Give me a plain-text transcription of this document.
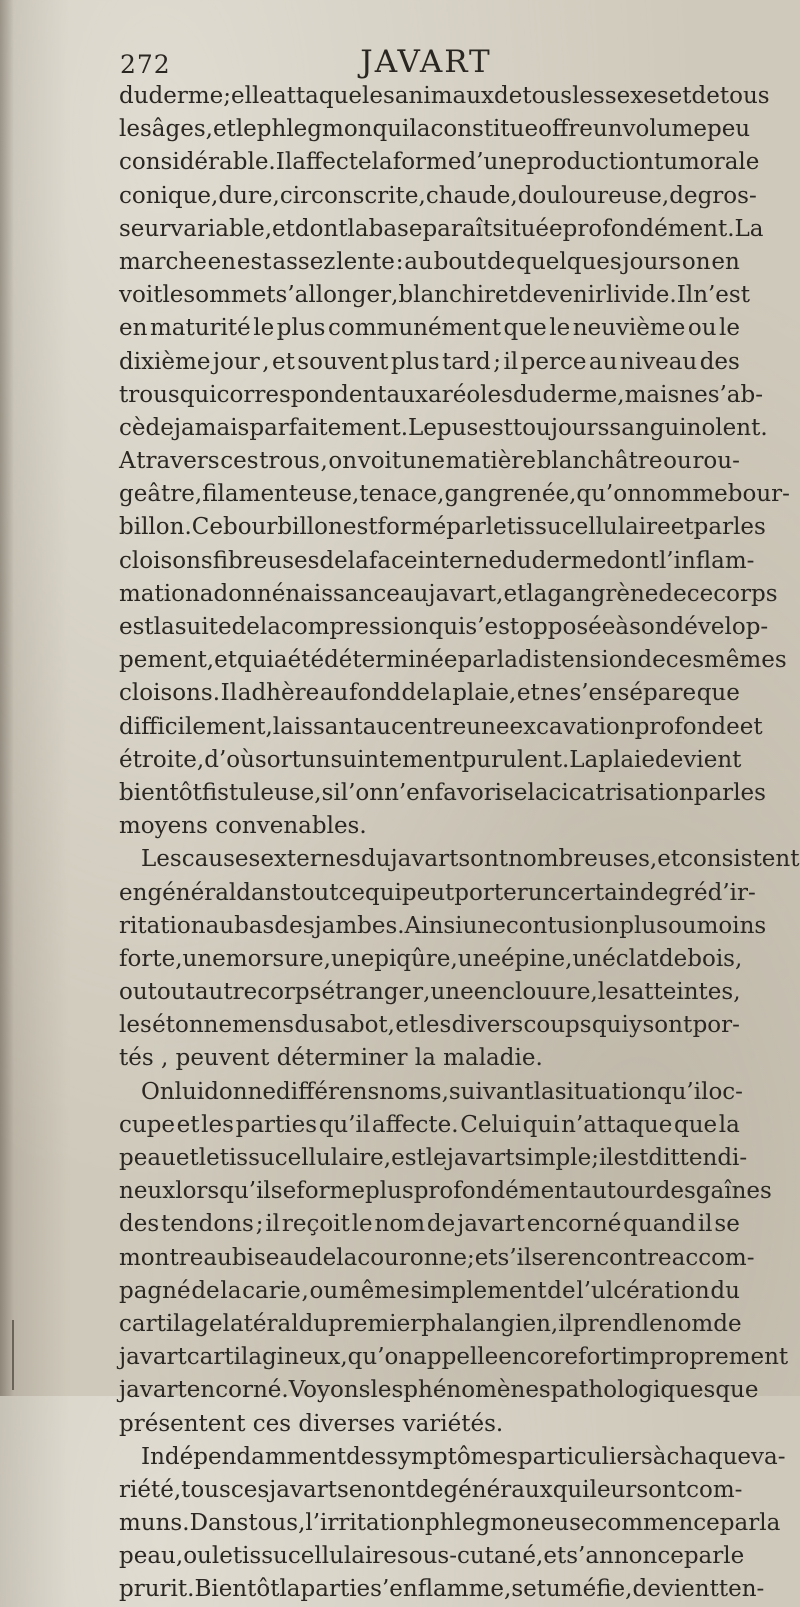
272	JAVART
du derme ; elle attaque les animaux de tous les sexes et de tous
les âges, et le phlegmon qui la constitue offre un volume peu
considérable. Il affecte la forme d’une production tumorale
conique , dure , circonscrite , chaude , douloureuse , de gros-
seur variable , et dont la base paraît située profondément. La
marche en est assez lente : au bout de quelques jours on en
voit le sommet s’allonger , blanchir et devenir livide. Il n’est
en maturité le plus communément que le neuvième ou le
dixième jour , et souvent plus tard ; il perce au niveau des
trous qui correspondent aux aréoles du derme , mais ne s’ab-
cède jamais parfaitement. Le pus est toujours sanguinolent.
A travers ces trous , on voit une matière blanchâtre ou rou-
geâtre, filamenteuse, tenace , gangrenée, qu’on nomme bour-
billon. Ce bourbillon est formé par le tissu cellulaire et par les
cloisons fibreuses de la face interne du derme dont l’inflam-
mation a donné naissance au javart, et la gangrène de ce corps
est la suite de la compression qui s’est opposée à son dévelop-
pement, et qui a été déterminée par la distension de ces mêmes
cloisons. Il adhère au fond de la plaie, et ne s’en sépare que
difficilement , laissant au centre une excavation profonde et
étroite , d’où sort un suintement purulent. La plaie devient
bientôt fistuleuse, si l’on n’en favorise la cicatrisation par les
moyens convenables.
Les causes externes du javart sont nombreuses, et consistent
en général dans tout ce qui peut porter un certain degré d’ir-
ritation au bas des jambes. Ainsi une contusion plus ou moins
forte , une morsure , une piqûre , une épine , un éclat de bois,
ou tout autre corps étranger , une enclouure , les atteintes ,
les étonnemens du sabot, et les divers coups qui y sont por-
tés , peuvent déterminer la maladie.
On lui donne différens noms , suivant la situation qu’il oc-
cupe et les parties qu’il affecte. Celui qui n’attaque que la
peau et le tissu cellulaire, est le javart simple ; il est dit tendi-
neux lorsqu’il se forme plus profondément autour des gaînes
des tendons ; il reçoit le nom de javart encorné quand il se
montre au biseau de la couronne ; et s’il se rencontre accom-
pagné de la carie , ou même simplement de l’ulcération du
cartilage latéral du premier phalangien , il prend le nom de
javart cartilagineux , qu’on appelle encore fort improprement
javart encorné. Voyons les phénomènes pathologiques que
présentent ces diverses variétés.
Indépendamment des symptômes particuliers à chaque va-
riété , tous ces javarts en ont de généraux qui leur sont com-
muns. Dans tous , l’irritation phlegmoneuse commence par la
peau , ou le tissu cellulaire sous-cutané , et s’annonce par le
prurit. Bientôt la partie s’enflamme, se tuméfie , devient ten-
